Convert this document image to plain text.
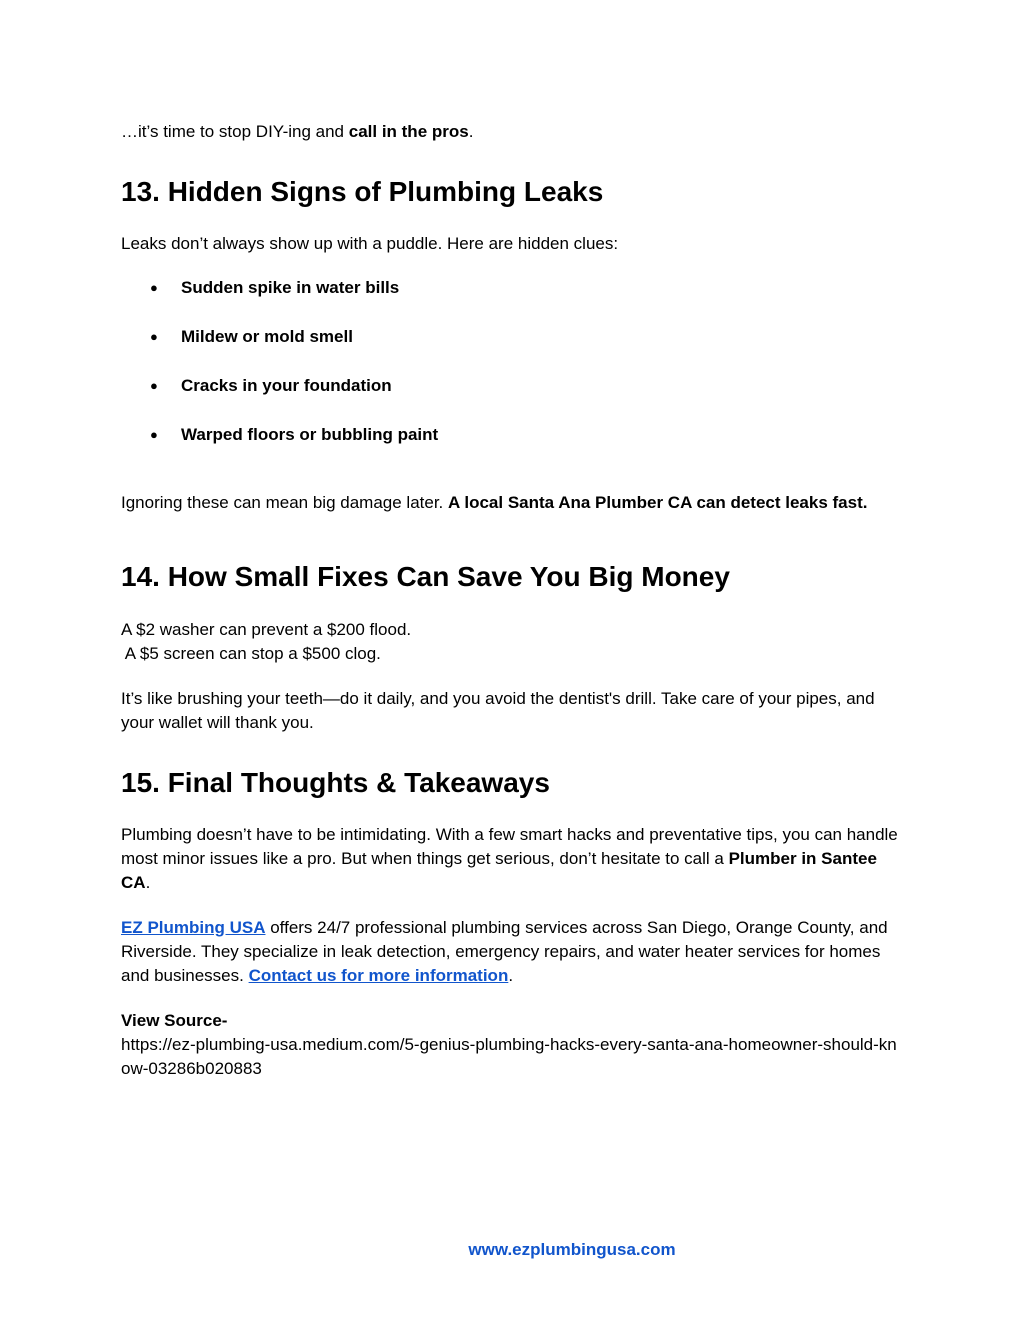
…it’s time to stop DIY-ing and call in the pros.

13. Hidden Signs of Plumbing Leaks

Leaks don’t always show up with a puddle. Here are hidden clues:

● Sudden spike in water bills
● Mildew or mold smell
● Cracks in your foundation
● Warped floors or bubbling paint

Ignoring these can mean big damage later. A local Santa Ana Plumber CA can detect leaks fast.

14. How Small Fixes Can Save You Big Money

A $2 washer can prevent a $200 flood.
A $5 screen can stop a $500 clog.

It’s like brushing your teeth—do it daily, and you avoid the dentist's drill. Take care of your pipes, and your wallet will thank you.

15. Final Thoughts & Takeaways

Plumbing doesn’t have to be intimidating. With a few smart hacks and preventative tips, you can handle most minor issues like a pro. But when things get serious, don’t hesitate to call a Plumber in Santee CA.

EZ Plumbing USA offers 24/7 professional plumbing services across San Diego, Orange County, and Riverside. They specialize in leak detection, emergency repairs, and water heater services for homes and businesses. Contact us for more information.

View Source-
https://ez-plumbing-usa.medium.com/5-genius-plumbing-hacks-every-santa-ana-homeowner-should-know-03286b020883

www.ezplumbingusa.com
